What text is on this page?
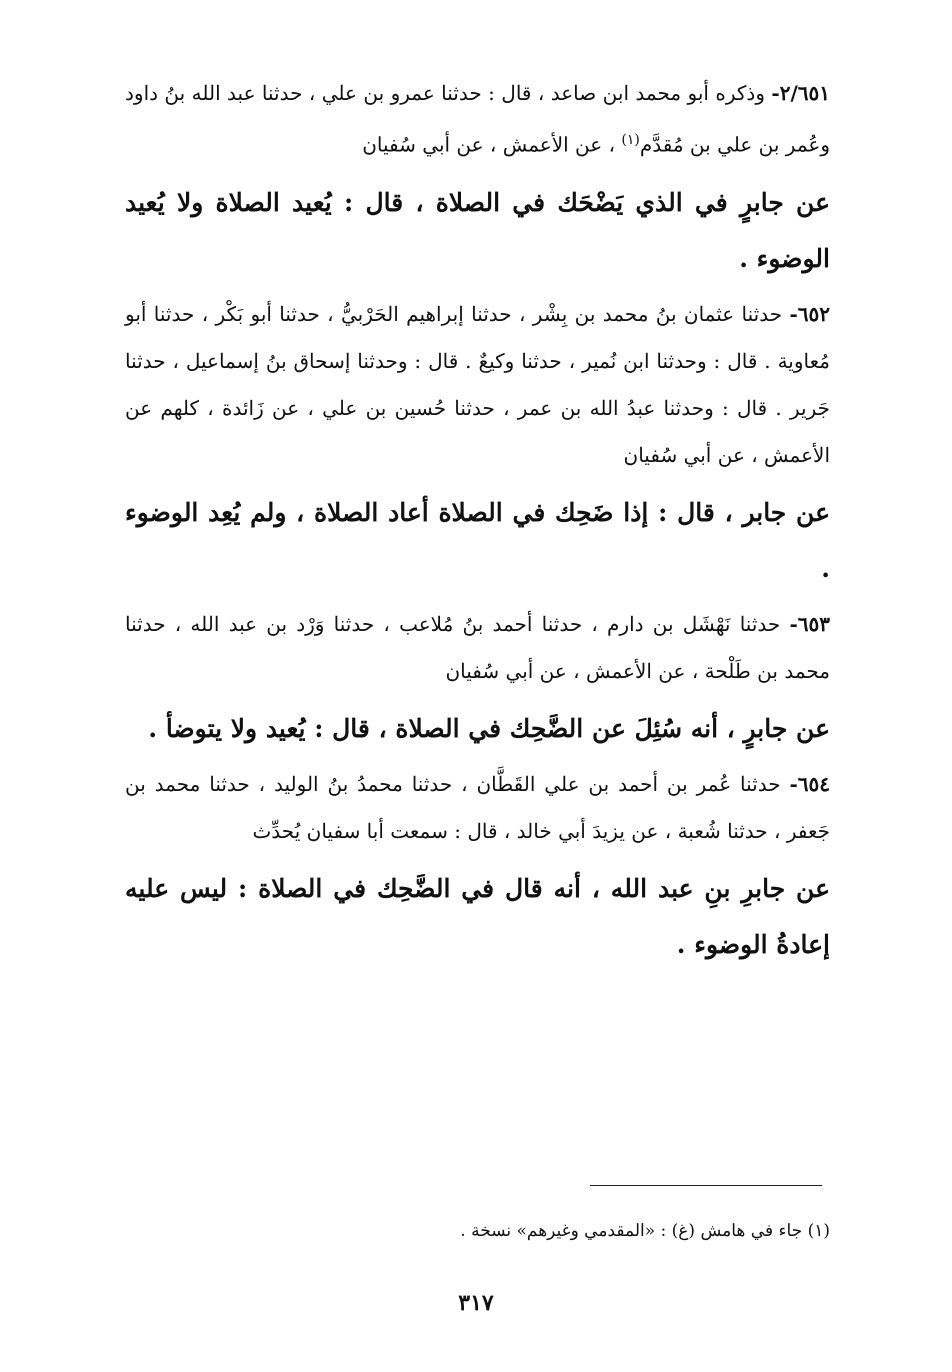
٢/٦٥١- وذكره أبو محمد ابن صاعد ، قال : حدثنا عمرو بن علي ، حدثنا عبد الله بنُ داود وعُمر بن علي بن مُقدَّم$^{(١)}$ ، عن الأعمش ، عن أبي سُفيان

عن جابرٍ في الذي يَضْحَك في الصلاة ، قال : يُعيد الصلاة ولا يُعيد الوضوء .

٦٥٢- حدثنا عثمان بنُ محمد بن بِشْر ، حدثنا إبراهيم الحَرْبيُّ ، حدثنا أبو بَكْر ، حدثنا أبو مُعاوية . قال : وحدثنا ابن نُمير ، حدثنا وكيعٌ . قال : وحدثنا إسحاق بنُ إسماعيل ، حدثنا جَرير . قال : وحدثنا عبدُ الله بن عمر ، حدثنا حُسين بن علي ، عن زَائدة ، كلهم عن الأعمش ، عن أبي سُفيان

عن جابر ، قال : إذا ضَحِك في الصلاة أعاد الصلاة ، ولم يُعِد الوضوء .

٦٥٣- حدثنا نَهْشَل بن دارم ، حدثنا أحمد بنُ مُلاعب ، حدثنا وَرْد بن عبد الله ، حدثنا محمد بن طَلْحة ، عن الأعمش ، عن أبي سُفيان

عن جابرٍ ، أنه سُئِلَ عن الضَّحِك في الصلاة ، قال : يُعيد ولا يتوضأ .

٦٥٤- حدثنا عُمر بن أحمد بن علي القَطَّان ، حدثنا محمدُ بنُ الوليد ، حدثنا محمد بن جَعفر ، حدثنا شُعبة ، عن يزيدَ أبي خالد ، قال : سمعت أبا سفيان يُحدِّث

عن جابرِ بنِ عبد الله ، أنه قال في الضَّحِك في الصلاة : ليس عليه إعادةُ الوضوء .

(١) جاء في هامش (غ) : «المقدمي وغيرهم» نسخة .
٣١٧
